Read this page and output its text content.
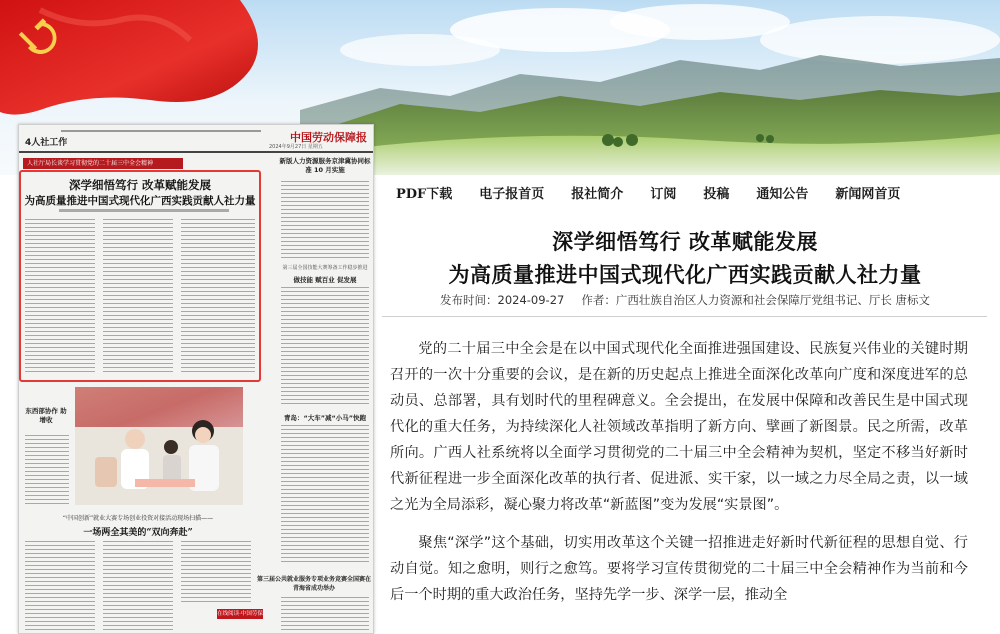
4人社工作	2024年9月27日 星期五
中国劳动保障报
人社厅局长谈学习贯彻党的二十届三中全会精神
深学细悟笃行 改革赋能发展
为高质量推进中国式现代化广西实践贡献人社力量
新版人力资源服务京津冀协同标准 10 月实施
第三届全国技能大赛筹备工作稳步推进
做技能 赋百业 促发展
青岛：“大车”减“小马”快跑
东西部协作 助增收
“中国创新”就业大赛专场创业投资对接活动现场扫描——
一场两全其美的“双向奔赴”
第三届公共就业服务专项业务竞赛全国赛在青海省成功举办
在线阅读·中国劳保
PDF下载 电子报首页 报社简介 订阅 投稿 通知公告 新闻网首页
深学细悟笃行 改革赋能发展
为高质量推进中国式现代化广西实践贡献人社力量
发布时间：2024-09-27 作者：广西壮族自治区人力资源和社会保障厅党组书记、厅长 唐标文

党的二十届三中全会是在以中国式现代化全面推进强国建设、民族复兴伟业的关键时期召开的一次十分重要的会议，是在新的历史起点上推进全面深化改革向广度和深度进军的总动员、总部署，具有划时代的里程碑意义。全会提出，在发展中保障和改善民生是中国式现代化的重大任务，为持续深化人社领域改革指明了新方向、擘画了新图景。民之所需，改革所向。广西人社系统将以全面学习贯彻党的二十届三中全会精神为契机，坚定不移当好新时代新征程进一步全面深化改革的执行者、促进派、实干家，以一域之力尽全局之责，以一域之光为全局添彩，凝心聚力将改革“新蓝图”变为发展“实景图”。

聚焦“深学”这个基础，切实用改革这个关键一招推进走好新时代新征程的思想自觉、行动自觉。知之愈明，则行之愈笃。要将学习宣传贯彻党的二十届三中全会精神作为当前和今后一个时期的重大政治任务，坚持先学一步、深学一层，推动全
